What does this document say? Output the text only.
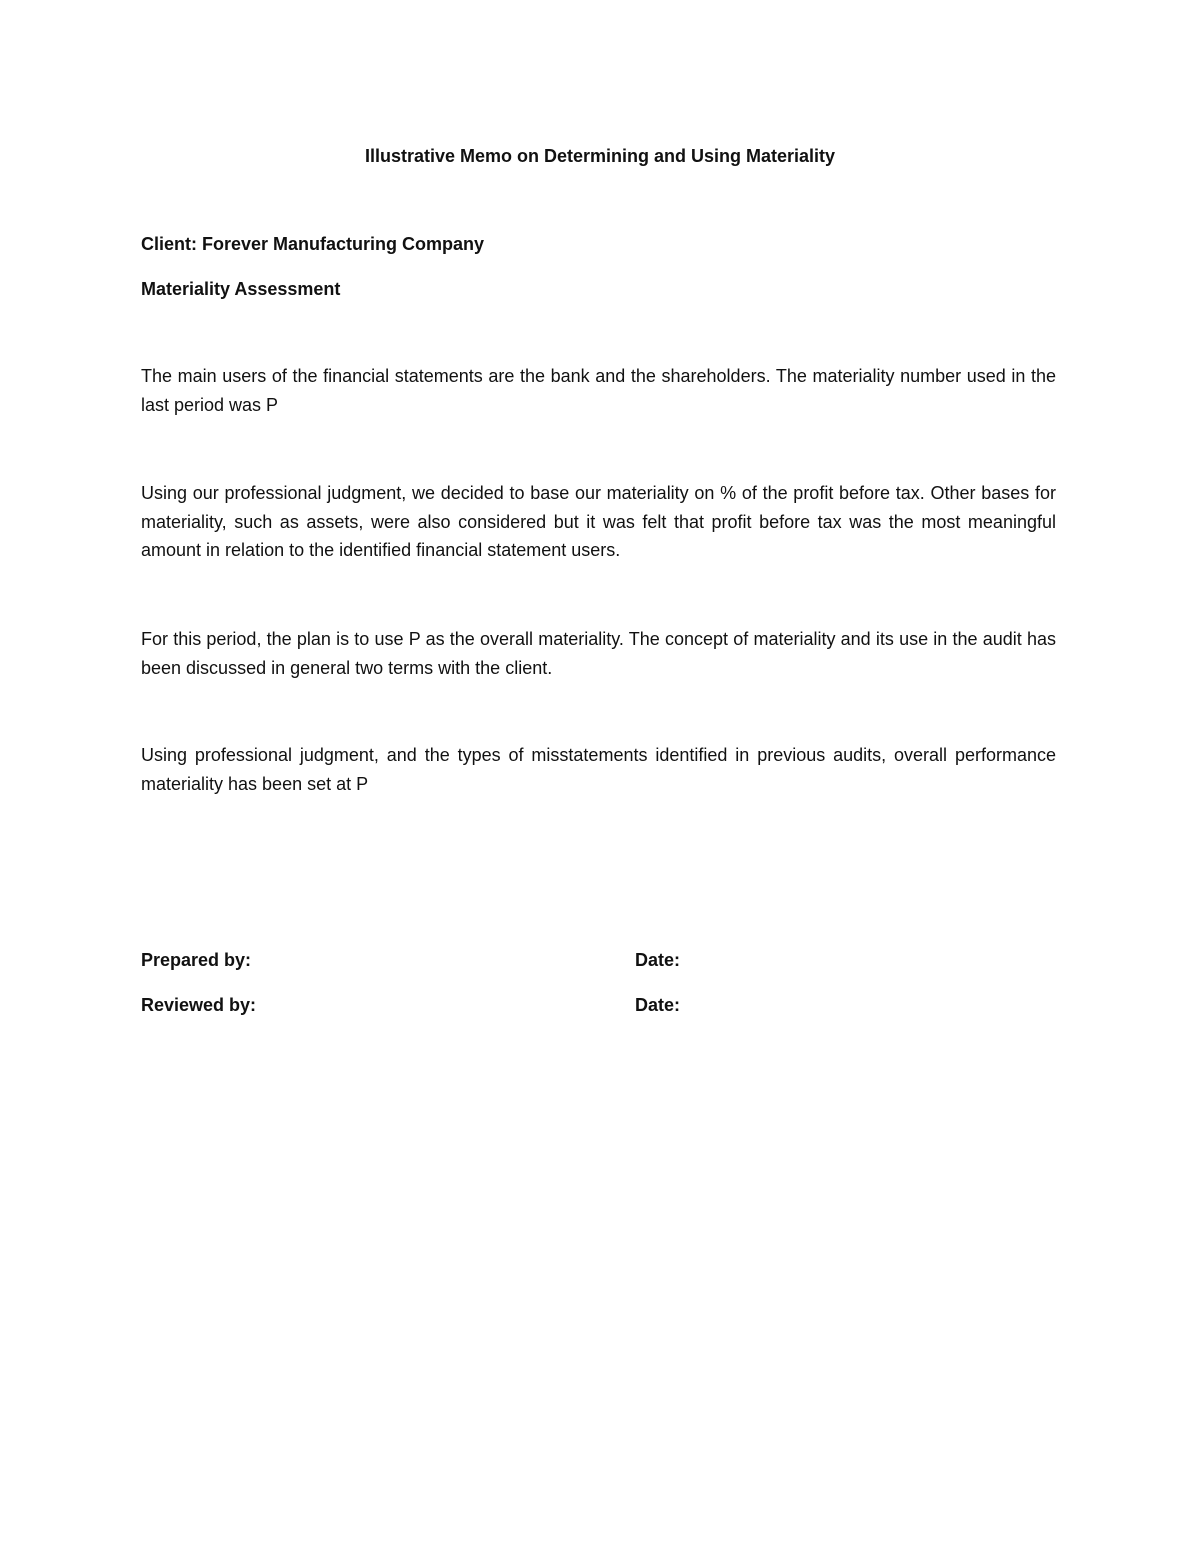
Illustrative Memo on Determining and Using Materiality
Client: Forever Manufacturing Company
Materiality Assessment

The main users of the financial statements are the bank and the shareholders. The materiality number used in the last period was P

Using our professional judgment, we decided to base our materiality on % of the profit before tax. Other bases for materiality, such as assets, were also considered but it was felt that profit before tax was the most meaningful amount in relation to the identified financial statement users.

For this period, the plan is to use P as the overall materiality. The concept of materiality and its use in the audit has been discussed in general two terms with the client.

Using professional judgment, and the types of misstatements identified in previous audits, overall performance materiality has been set at P

Prepared by:	Date:
Reviewed by:	Date:
